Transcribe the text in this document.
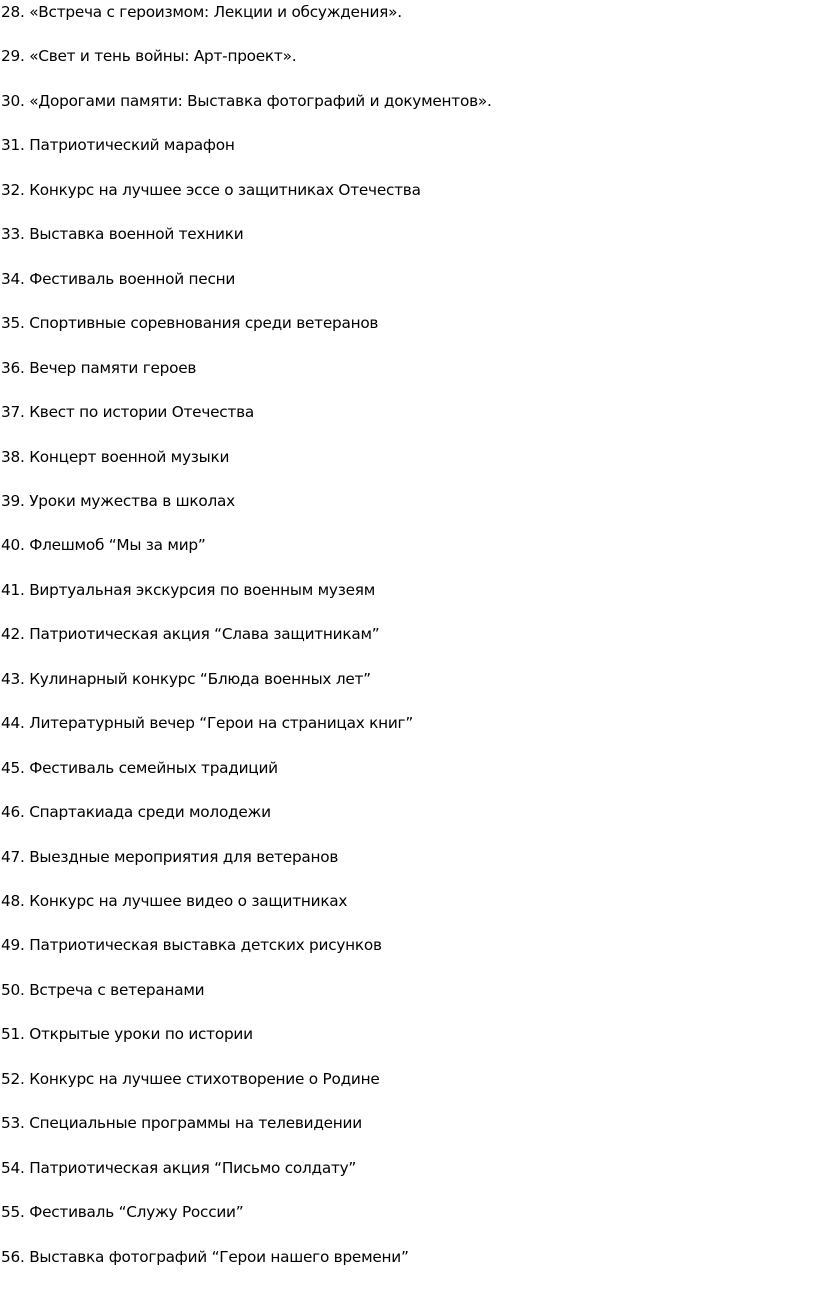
28. «Встреча с героизмом: Лекции и обсуждения».
29. «Свет и тень войны: Арт-проект».
30. «Дорогами памяти: Выставка фотографий и документов».
31. Патриотический марафон
32. Конкурс на лучшее эссе о защитниках Отечества
33. Выставка военной техники
34. Фестиваль военной песни
35. Спортивные соревнования среди ветеранов
36. Вечер памяти героев
37. Квест по истории Отечества
38. Концерт военной музыки
39. Уроки мужества в школах
40. Флешмоб “Мы за мир”
41. Виртуальная экскурсия по военным музеям
42. Патриотическая акция “Слава защитникам”
43. Кулинарный конкурс “Блюда военных лет”
44. Литературный вечер “Герои на страницах книг”
45. Фестиваль семейных традиций
46. Спартакиада среди молодежи
47. Выездные мероприятия для ветеранов
48. Конкурс на лучшее видео о защитниках
49. Патриотическая выставка детских рисунков
50. Встреча с ветеранами
51. Открытые уроки по истории
52. Конкурс на лучшее стихотворение о Родине
53. Специальные программы на телевидении
54. Патриотическая акция “Письмо солдату”
55. Фестиваль “Служу России”
56. Выставка фотографий “Герои нашего времени”
